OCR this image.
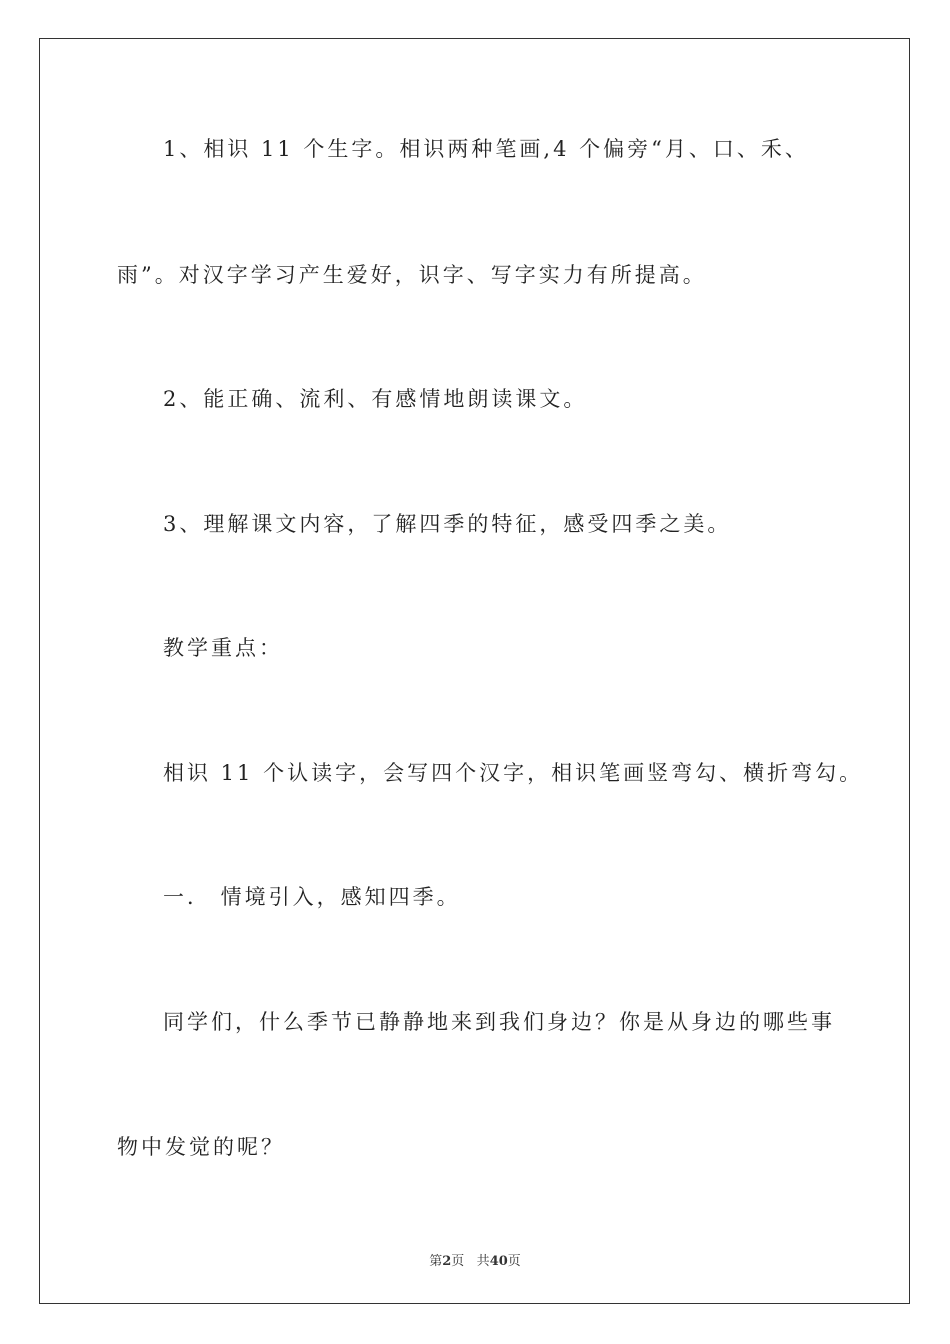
1、相识 11 个生字。相识两种笔画,4 个偏旁“月、口、禾、
雨”。对汉字学习产生爱好，识字、写字实力有所提高。
2、能正确、流利、有感情地朗读课文。
3、理解课文内容，了解四季的特征，感受四季之美。
教学重点：
相识 11 个认读字，会写四个汉字，相识笔画竖弯勾、横折弯勾。
一． 情境引入，感知四季。
同学们，什么季节已静静地来到我们身边？你是从身边的哪些事
物中发觉的呢？
第2页 共40页
